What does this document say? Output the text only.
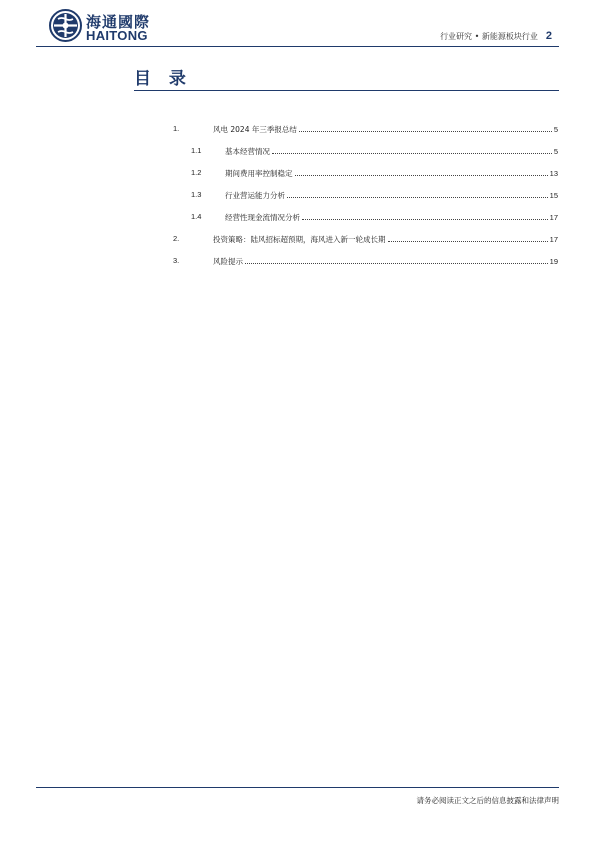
海通國際
HAITONG	行业研究 • 新能源板块行业 2
目 录
1.	风电 2024 年三季报总结	5
1.1	基本经营情况	5
1.2	期间费用率控制稳定	13
1.3	行业营运能力分析	15
1.4	经营性现金流情况分析	17
2.	投资策略：陆风招标超预期，海风进入新一轮成长期	17
3.	风险提示	19
请务必阅读正文之后的信息披露和法律声明
